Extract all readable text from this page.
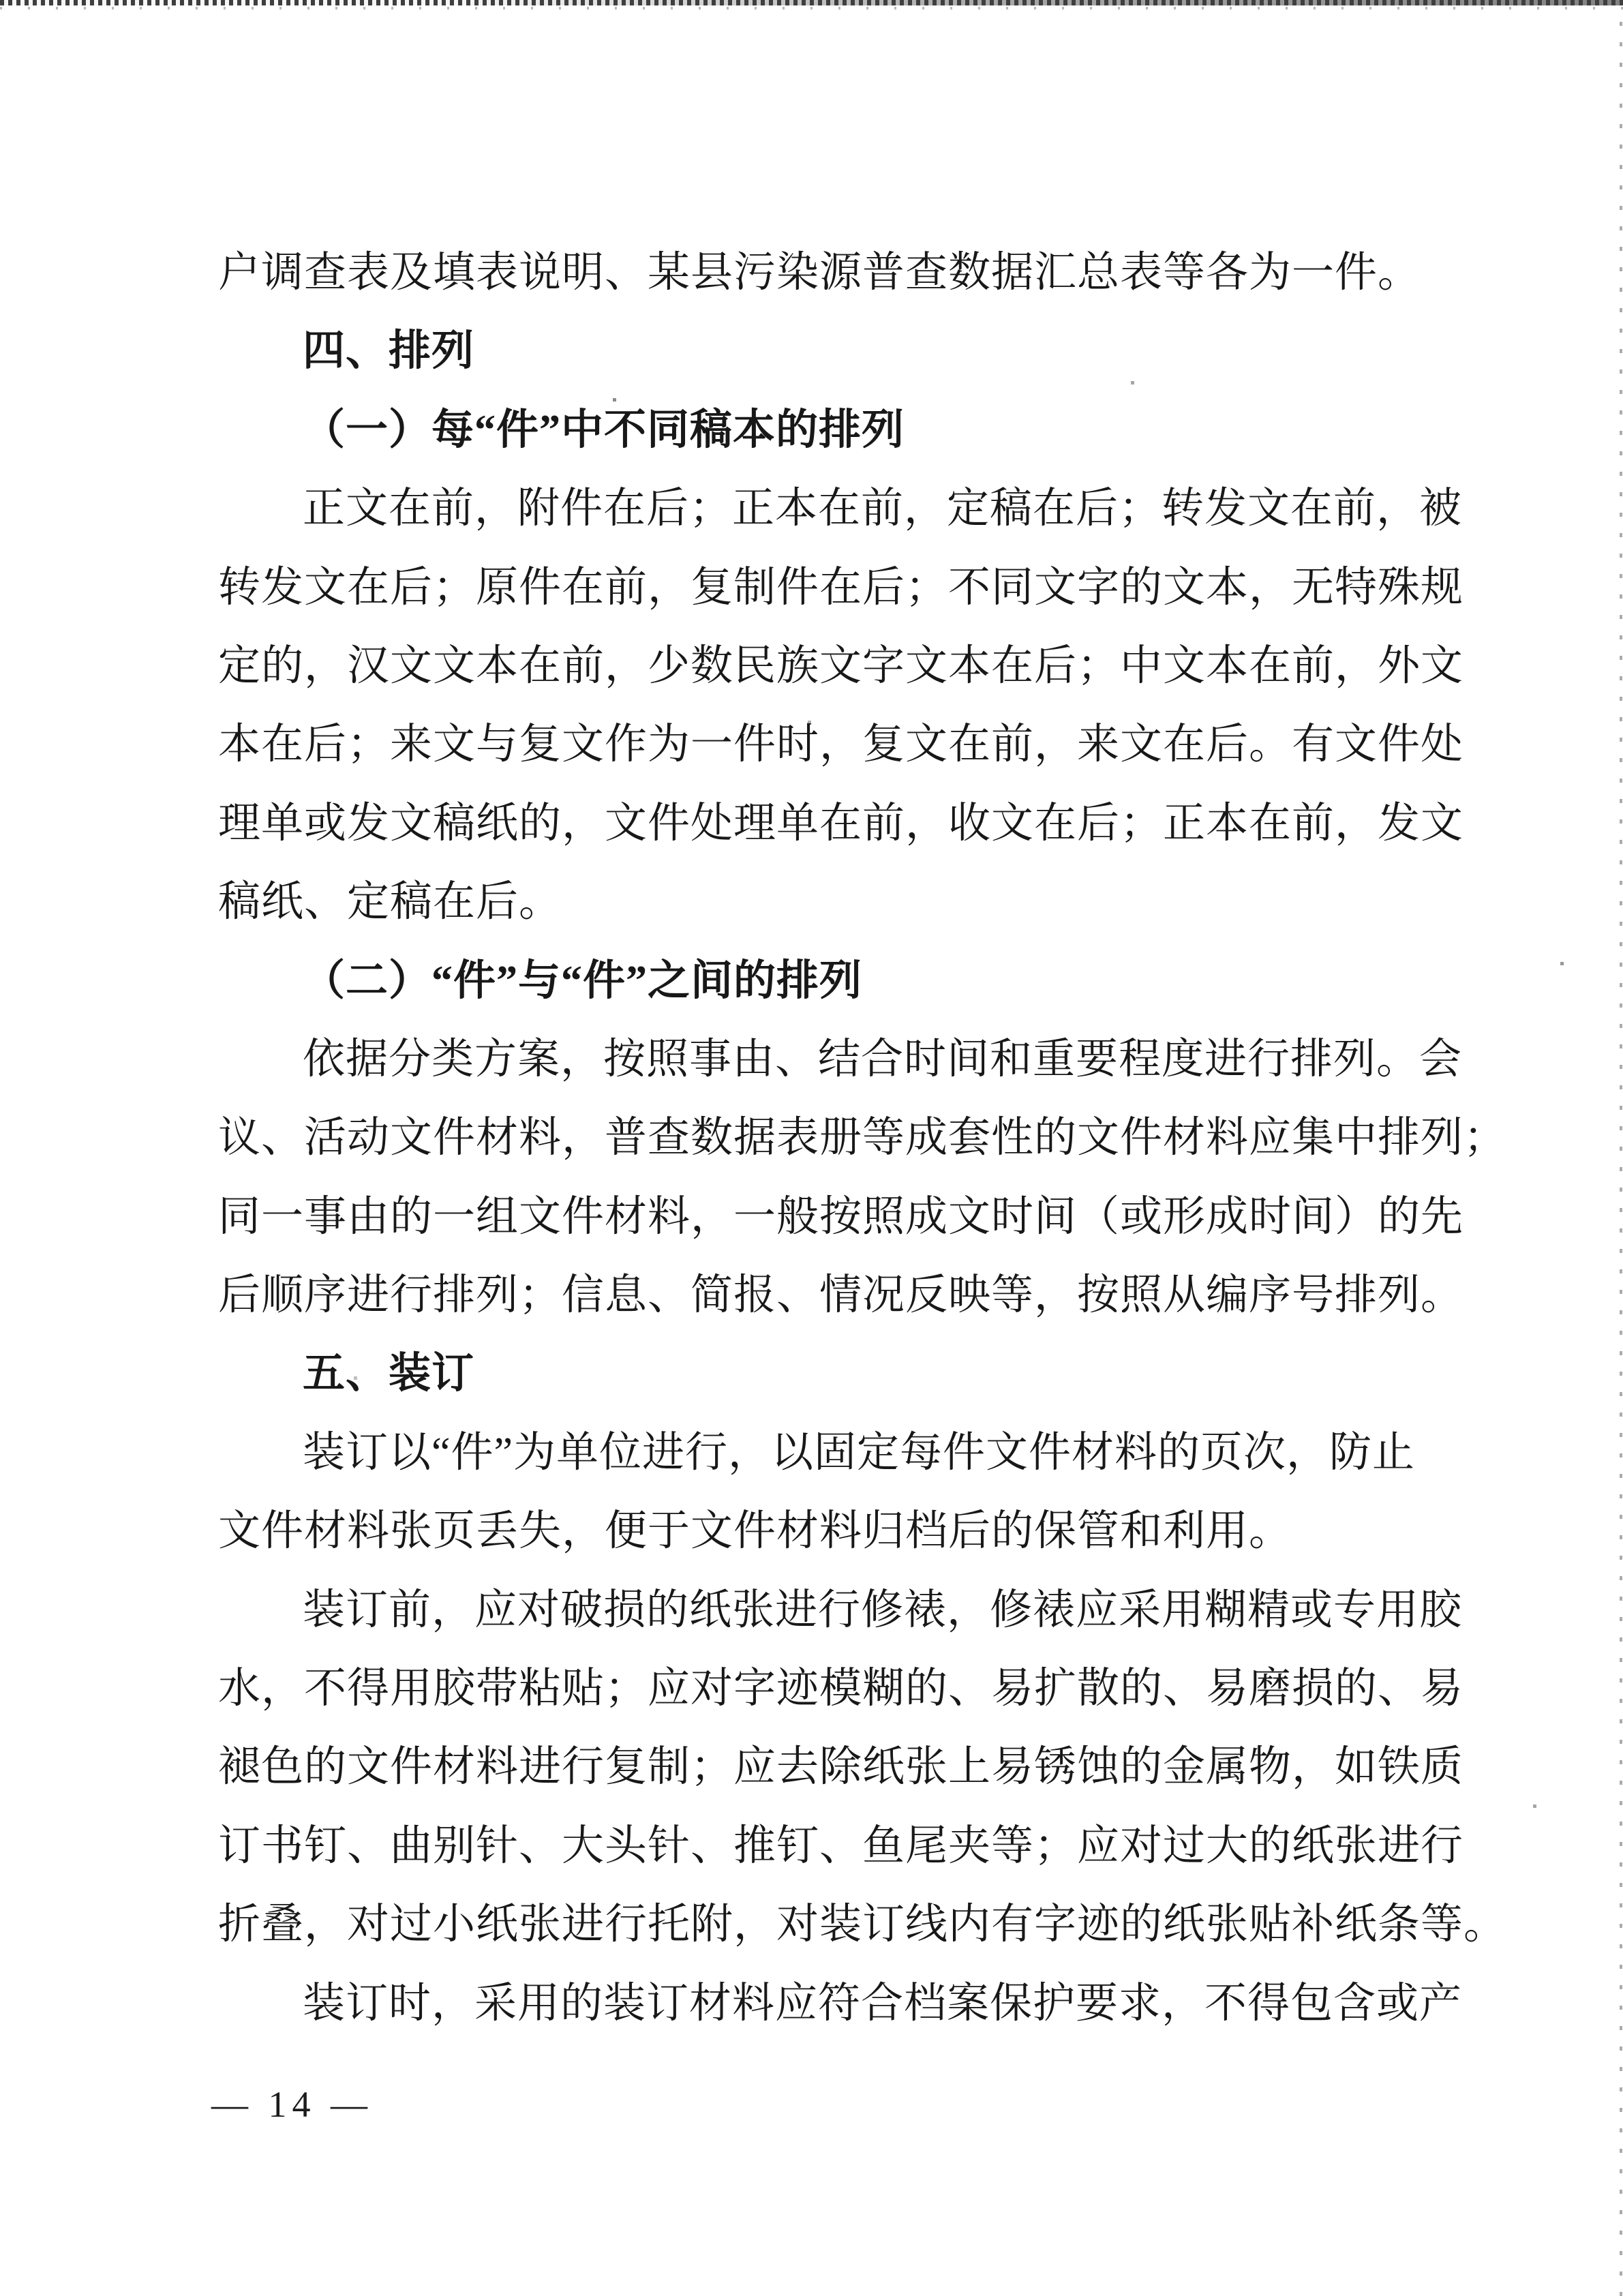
户调查表及填表说明、某县污染源普查数据汇总表等各为一件。
四、排列
（一）每“件”中不同稿本的排列
正文在前，附件在后；正本在前，定稿在后；转发文在前，被
转发文在后；原件在前，复制件在后；不同文字的文本，无特殊规
定的，汉文文本在前，少数民族文字文本在后；中文本在前，外文
本在后；来文与复文作为一件时，复文在前，来文在后。有文件处
理单或发文稿纸的，文件处理单在前，收文在后；正本在前，发文
稿纸、定稿在后。
（二）“件”与“件”之间的排列
依据分类方案，按照事由、结合时间和重要程度进行排列。会
议、活动文件材料，普查数据表册等成套性的文件材料应集中排列；
同一事由的一组文件材料，一般按照成文时间（或形成时间）的先
后顺序进行排列；信息、简报、情况反映等，按照从编序号排列。
五、装订
装订以“件”为单位进行，以固定每件文件材料的页次，防止
文件材料张页丢失，便于文件材料归档后的保管和利用。
装订前，应对破损的纸张进行修裱，修裱应采用糊精或专用胶
水，不得用胶带粘贴；应对字迹模糊的、易扩散的、易磨损的、易
褪色的文件材料进行复制；应去除纸张上易锈蚀的金属物，如铁质
订书钉、曲别针、大头针、推钉、鱼尾夹等；应对过大的纸张进行
折叠，对过小纸张进行托附，对装订线内有字迹的纸张贴补纸条等。
装订时，采用的装订材料应符合档案保护要求，不得包含或产
— 14 —
